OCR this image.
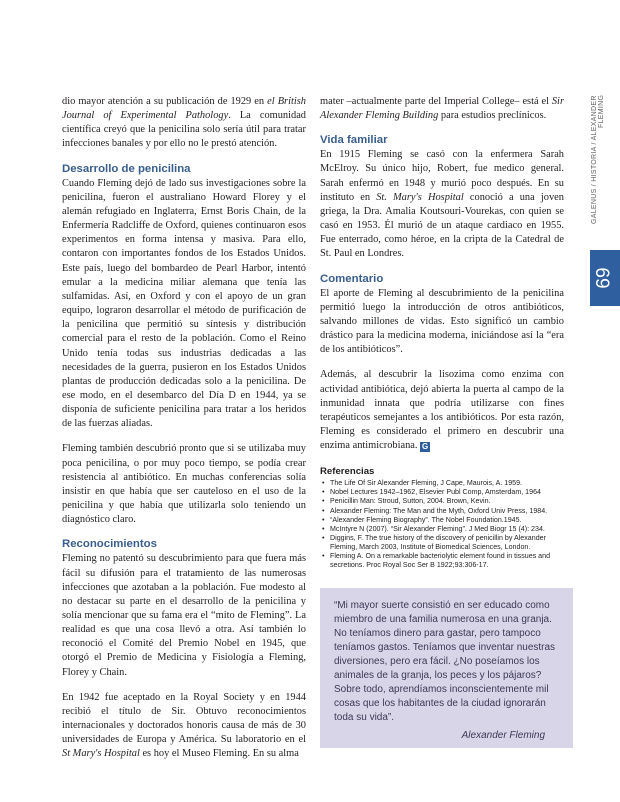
dio mayor atención a su publicación de 1929 en el British Journal of Experimental Pathology. La comunidad científica creyó que la penicilina solo sería útil para tratar infecciones banales y por ello no le prestó atención.

Desarrollo de penicilina

Cuando Fleming dejó de lado sus investigaciones sobre la penicilina, fueron el australiano Howard Florey y el alemán refugiado en Inglaterra, Ernst Boris Chain, de la Enfermería Radcliffe de Oxford, quienes continuaron esos experimentos en forma intensa y masiva. Para ello, contaron con importantes fondos de los Estados Unidos. Este país, luego del bombardeo de Pearl Harbor, intentó emular a la medicina miliar alemana que tenía las sulfamidas. Así, en Oxford y con el apoyo de un gran equipo, lograron desarrollar el método de purificación de la penicilina que permitió su síntesis y distribución comercial para el resto de la población. Como el Reino Unido tenía todas sus industrias dedicadas a las necesidades de la guerra, pusieron en los Estados Unidos plantas de producción dedicadas solo a la penicilina. De ese modo, en el desembarco del Día D en 1944, ya se disponía de suficiente penicilina para tratar a los heridos de las fuerzas aliadas.

Fleming también descubrió pronto que si se utilizaba muy poca penicilina, o por muy poco tiempo, se podía crear resistencia al antibiótico. En muchas conferencias solía insistir en que había que ser cauteloso en el uso de la penicilina y que había que utilizarla solo teniendo un diagnóstico claro.

Reconocimientos

Fleming no patentó su descubrimiento para que fuera más fácil su difusión para el tratamiento de las numerosas infecciones que azotaban a la población. Fue modesto al no destacar su parte en el desarrollo de la penicilina y solía mencionar que su fama era el “mito de Fleming”. La realidad es que una cosa llevó a otra. Así también lo reconoció el Comité del Premio Nobel en 1945, que otorgó el Premio de Medicina y Fisiología a Fleming, Florey y Chain.

En 1942 fue aceptado en la Royal Society y en 1944 recibió el título de Sir. Obtuvo reconocimientos internacionales y doctorados honoris causa de más de 30 universidades de Europa y América. Su laboratorio en el St Mary's Hospital es hoy el Museo Fleming. En su alma

mater –actualmente parte del Imperial College– está el Sir Alexander Fleming Building para estudios preclínicos.

Vida familiar

En 1915 Fleming se casó con la enfermera Sarah McElroy. Su único hijo, Robert, fue medico general. Sarah enfermó en 1948 y murió poco después. En su instituto en St. Mary's Hospital conoció a una joven griega, la Dra. Amalia Koutsouri-Vourekas, con quien se casó en 1953. Él murió de un ataque cardiaco en 1955. Fue enterrado, como héroe, en la cripta de la Catedral de St. Paul en Londres.

Comentario

El aporte de Fleming al descubrimiento de la penicilina permitió luego la introducción de otros antibióticos, salvando millones de vidas. Esto significó un cambio drástico para la medicina moderna, iniciándose así la “era de los antibióticos”.

Además, al descubrir la lisozima como enzima con actividad antibiótica, dejó abierta la puerta al campo de la inmunidad innata que podría utilizarse con fines terapéuticos semejantes a los antibióticos. Por esta razón, Fleming es considerado el primero en descubrir una enzima antimicrobiana. G

Referencias
• The Life Of Sir Alexander Fleming, J Cape, Maurois, A. 1959.
• Nobel Lectures 1942–1962, Elsevier Publ Comp, Amsterdam, 1964
• Penicillin Man: Stroud, Sutton, 2004. Brown, Kevin.
• Alexander Fleming: The Man and the Myth, Oxford Univ Press, 1984.
• “Alexander Fleming Biography”. The Nobel Foundation.1945.
• McIntyre N (2007). “Sir Alexander Fleming”. J Med Biogr 15 (4): 234.
• Diggins, F. The true history of the discovery of penicillin by Alexander Fleming, March 2003, Institute of Biomedical Sciences, London.
• Fleming A. On a remarkable bacteriolytic element found in tissues and secretions. Proc Royal Soc Ser B 1922;93:306-17.
“Mi mayor suerte consistió en ser educado como miembro de una familia numerosa en una granja. No teníamos dinero para gastar, pero tampoco teníamos gastos. Teníamos que inventar nuestras diversiones, pero era fácil. ¿No poseíamos los animales de la granja, los peces y los pájaros? Sobre todo, aprendíamos inconscientemente mil cosas que los habitantes de la ciudad ignorarán toda su vida”.
Alexander Fleming
GALENUS / HISTORIA / ALEXANDER FLEMING
69
